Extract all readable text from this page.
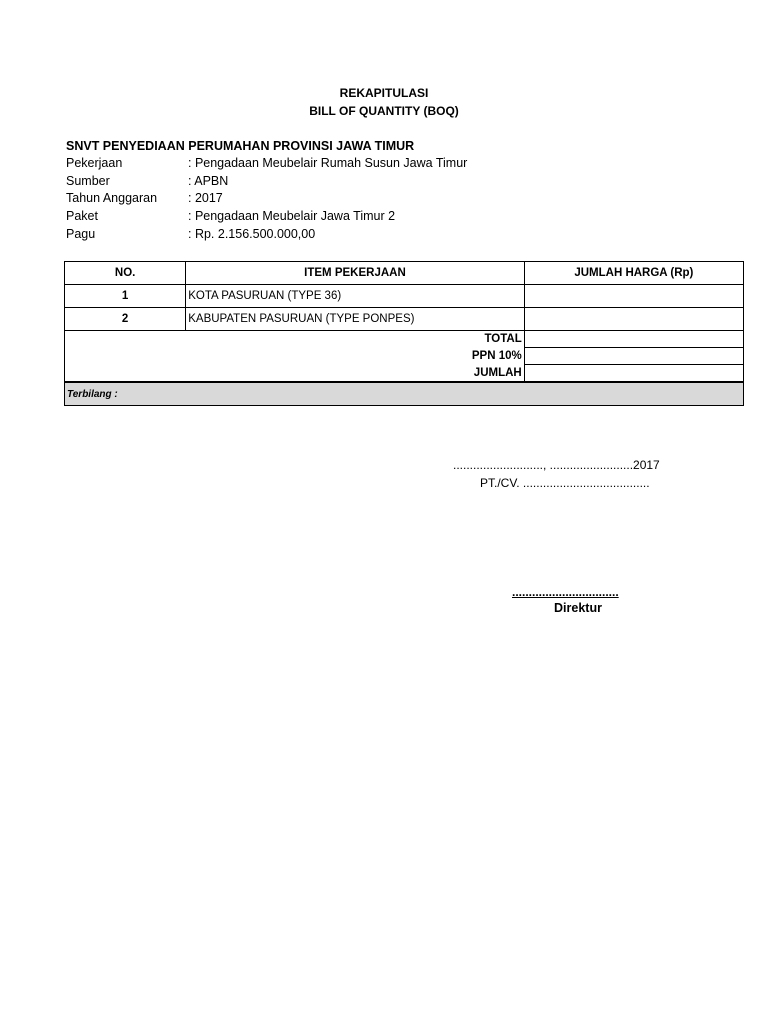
REKAPITULASI
BILL OF QUANTITY (BOQ)
SNVT PENYEDIAAN PERUMAHAN PROVINSI JAWA TIMUR
Pekerjaan	: Pengadaan Meubelair Rumah Susun Jawa Timur
Sumber	: APBN
Tahun Anggaran : 2017
Paket	: Pengadaan Meubelair Jawa Timur 2
Pagu	: Rp. 2.156.500.000,00
NO.	ITEM PEKERJAAN	JUMLAH HARGA (Rp)
1	KOTA PASURUAN (TYPE 36)	
2	KABUPATEN PASURUAN (TYPE PONPES)	
TOTAL		
PPN 10%		
JUMLAH		
Terbilang :		
..........................., .........................2017
PT./CV. ......................................
................................
Direktur
